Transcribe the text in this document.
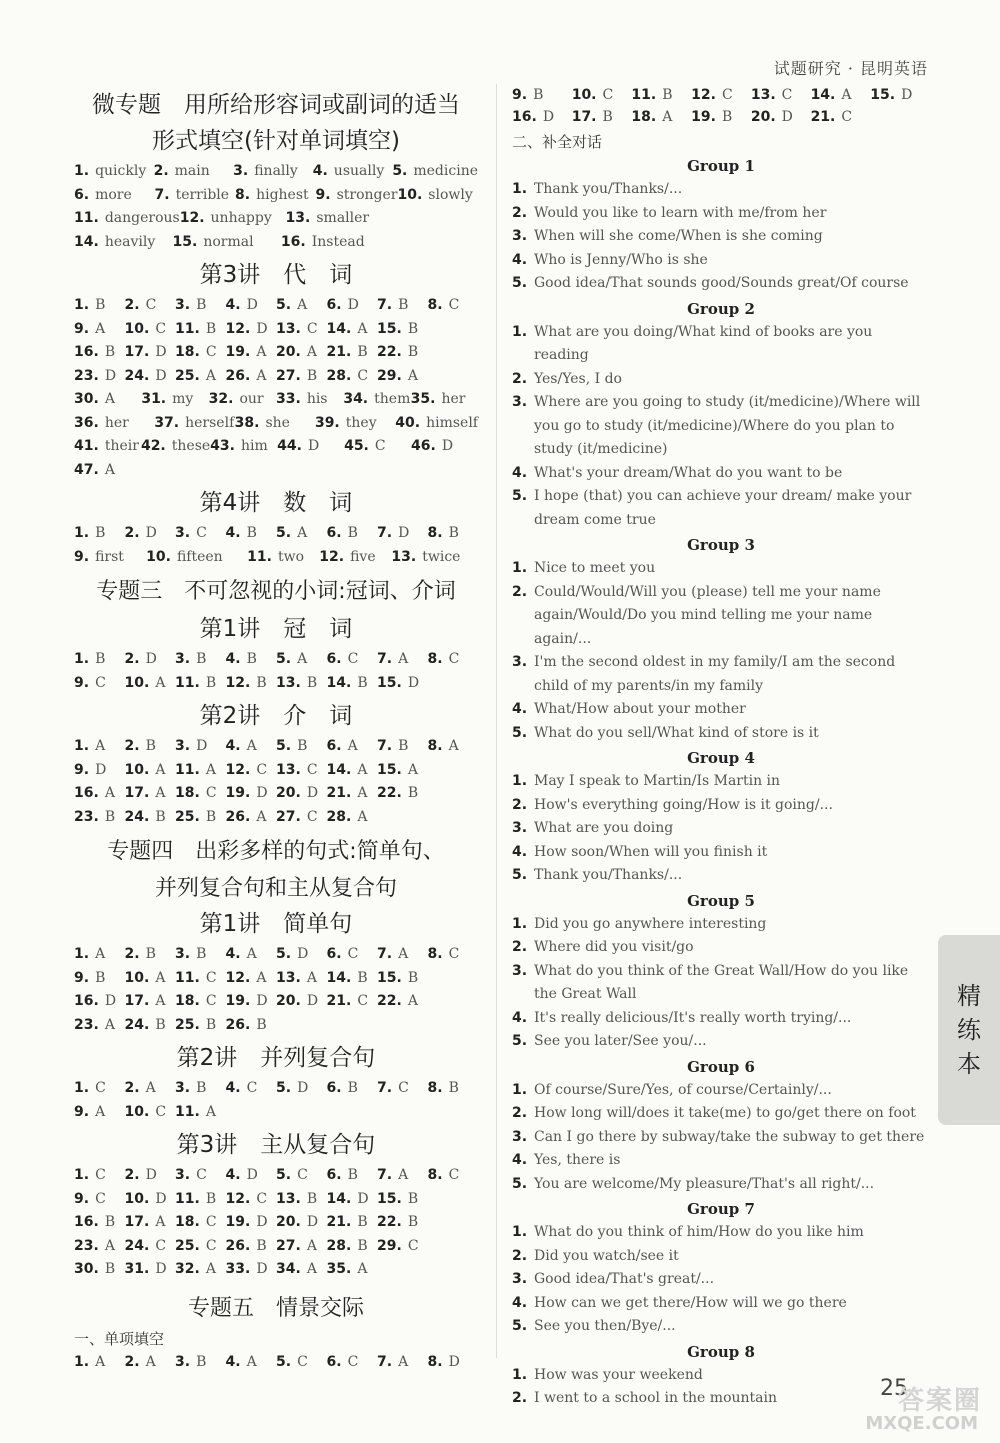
试题研究 · 昆明英语
微专题　用所给形容词或副词的适当
形式填空(针对单词填空)
1. quickly 2. main	3. finally	4. usually 5. medicine
6. more	7. terrible 8. highest 9. stronger 10. slowly
11. dangerous 12. unhappy 13. smaller
14. heavily	15. normal	16. Instead
第3讲　代　词
1. B	2. C	3. B	4. D	5. A	6. D	7. B	8. C
9. A	10. C 11. B 12. D 13. C 14. A 15. B
16. B 17. D 18. C 19. A 20. A 21. B 22. B
23. D 24. D 25. A 26. A 27. B 28. C 29. A
30. A	31. my	32. our 33. his	34. them 35. her
36. her	37. herself 38. she	39. they	40. himself
41. their 42. these 43. him 44. D	45. C	46. D
47. A
第4讲　数　词
1. B	2. D	3. C	4. B	5. A	6. B	7. D	8. B
9. first	10. fifteen	11. two	12. five	13. twice
专题三　不可忽视的小词:冠词、介词
第1讲　冠　词
1. B	2. D	3. B	4. B	5. A	6. C	7. A	8. C
9. C	10. A 11. B 12. B 13. B 14. B 15. D
第2讲　介　词
1. A	2. B	3. D	4. A	5. B	6. A	7. B	8. A
9. D	10. A 11. A 12. C 13. C 14. A 15. A
16. A 17. A 18. C 19. D 20. D 21. A 22. B
23. B 24. B 25. B 26. A 27. C 28. A
专题四　出彩多样的句式:简单句、
并列复合句和主从复合句
第1讲　简单句
1. A	2. B	3. B	4. A	5. D	6. C	7. A	8. C
9. B	10. A 11. C 12. A 13. A 14. B 15. B
16. D 17. A 18. C 19. D 20. D 21. C 22. A
23. A 24. B 25. B 26. B
第2讲　并列复合句
1. C	2. A	3. B	4. C	5. D	6. B	7. C	8. B
9. A	10. C 11. A
第3讲　主从复合句
1. C	2. D	3. C	4. D	5. C	6. B	7. A	8. C
9. C	10. D 11. B 12. C 13. B 14. D 15. B
16. B 17. A 18. C 19. D 20. D 21. B 22. B
23. A 24. C 25. C 26. B 27. A 28. B 29. C
30. B 31. D 32. A 33. D 34. A 35. A
专题五　情景交际
一、单项填空
1. A	2. A	3. B	4. A	5. C	6. C	7. A	8. D
9. B	10. C	11. B	12. C	13. C	14. A	15. D
16. D	17. B	18. A	19. B	20. D	21. C
二、补全对话
Group 1
1. Thank you/Thanks/...
2. Would you like to learn with me/from her
3. When will she come/When is she coming
4. Who is Jenny/Who is she
5. Good idea/That sounds good/Sounds great/Of course
Group 2
1. What are you doing/What kind of books are you reading
2. Yes/Yes, I do
3. Where are you going to study (it/medicine)/Where will you go to study (it/medicine)/Where do you plan to study (it/medicine)
4. What's your dream/What do you want to be
5. I hope (that) you can achieve your dream/ make your dream come true
Group 3
1. Nice to meet you
2. Could/Would/Will you (please) tell me your name again/Would/Do you mind telling me your name again/...
3. I'm the second oldest in my family/I am the second child of my parents/in my family
4. What/How about your mother
5. What do you sell/What kind of store is it
Group 4
1. May I speak to Martin/Is Martin in
2. How's everything going/How is it going/...
3. What are you doing
4. How soon/When will you finish it
5. Thank you/Thanks/...
Group 5
1. Did you go anywhere interesting
2. Where did you visit/go
3. What do you think of the Great Wall/How do you like the Great Wall
4. It's really delicious/It's really worth trying/...
5. See you later/See you/...
Group 6
1. Of course/Sure/Yes, of course/Certainly/...
2. How long will/does it take(me) to go/get there on foot
3. Can I go there by subway/take the subway to get there
4. Yes, there is
5. You are welcome/My pleasure/That's all right/...
Group 7
1. What do you think of him/How do you like him
2. Did you watch/see it
3. Good idea/That's great/...
4. How can we get there/How will we go there
5. See you then/Bye/...
Group 8
1. How was your weekend
2. I went to a school in the mountain
精
练
本
25
答案圈
MXQE.COM
